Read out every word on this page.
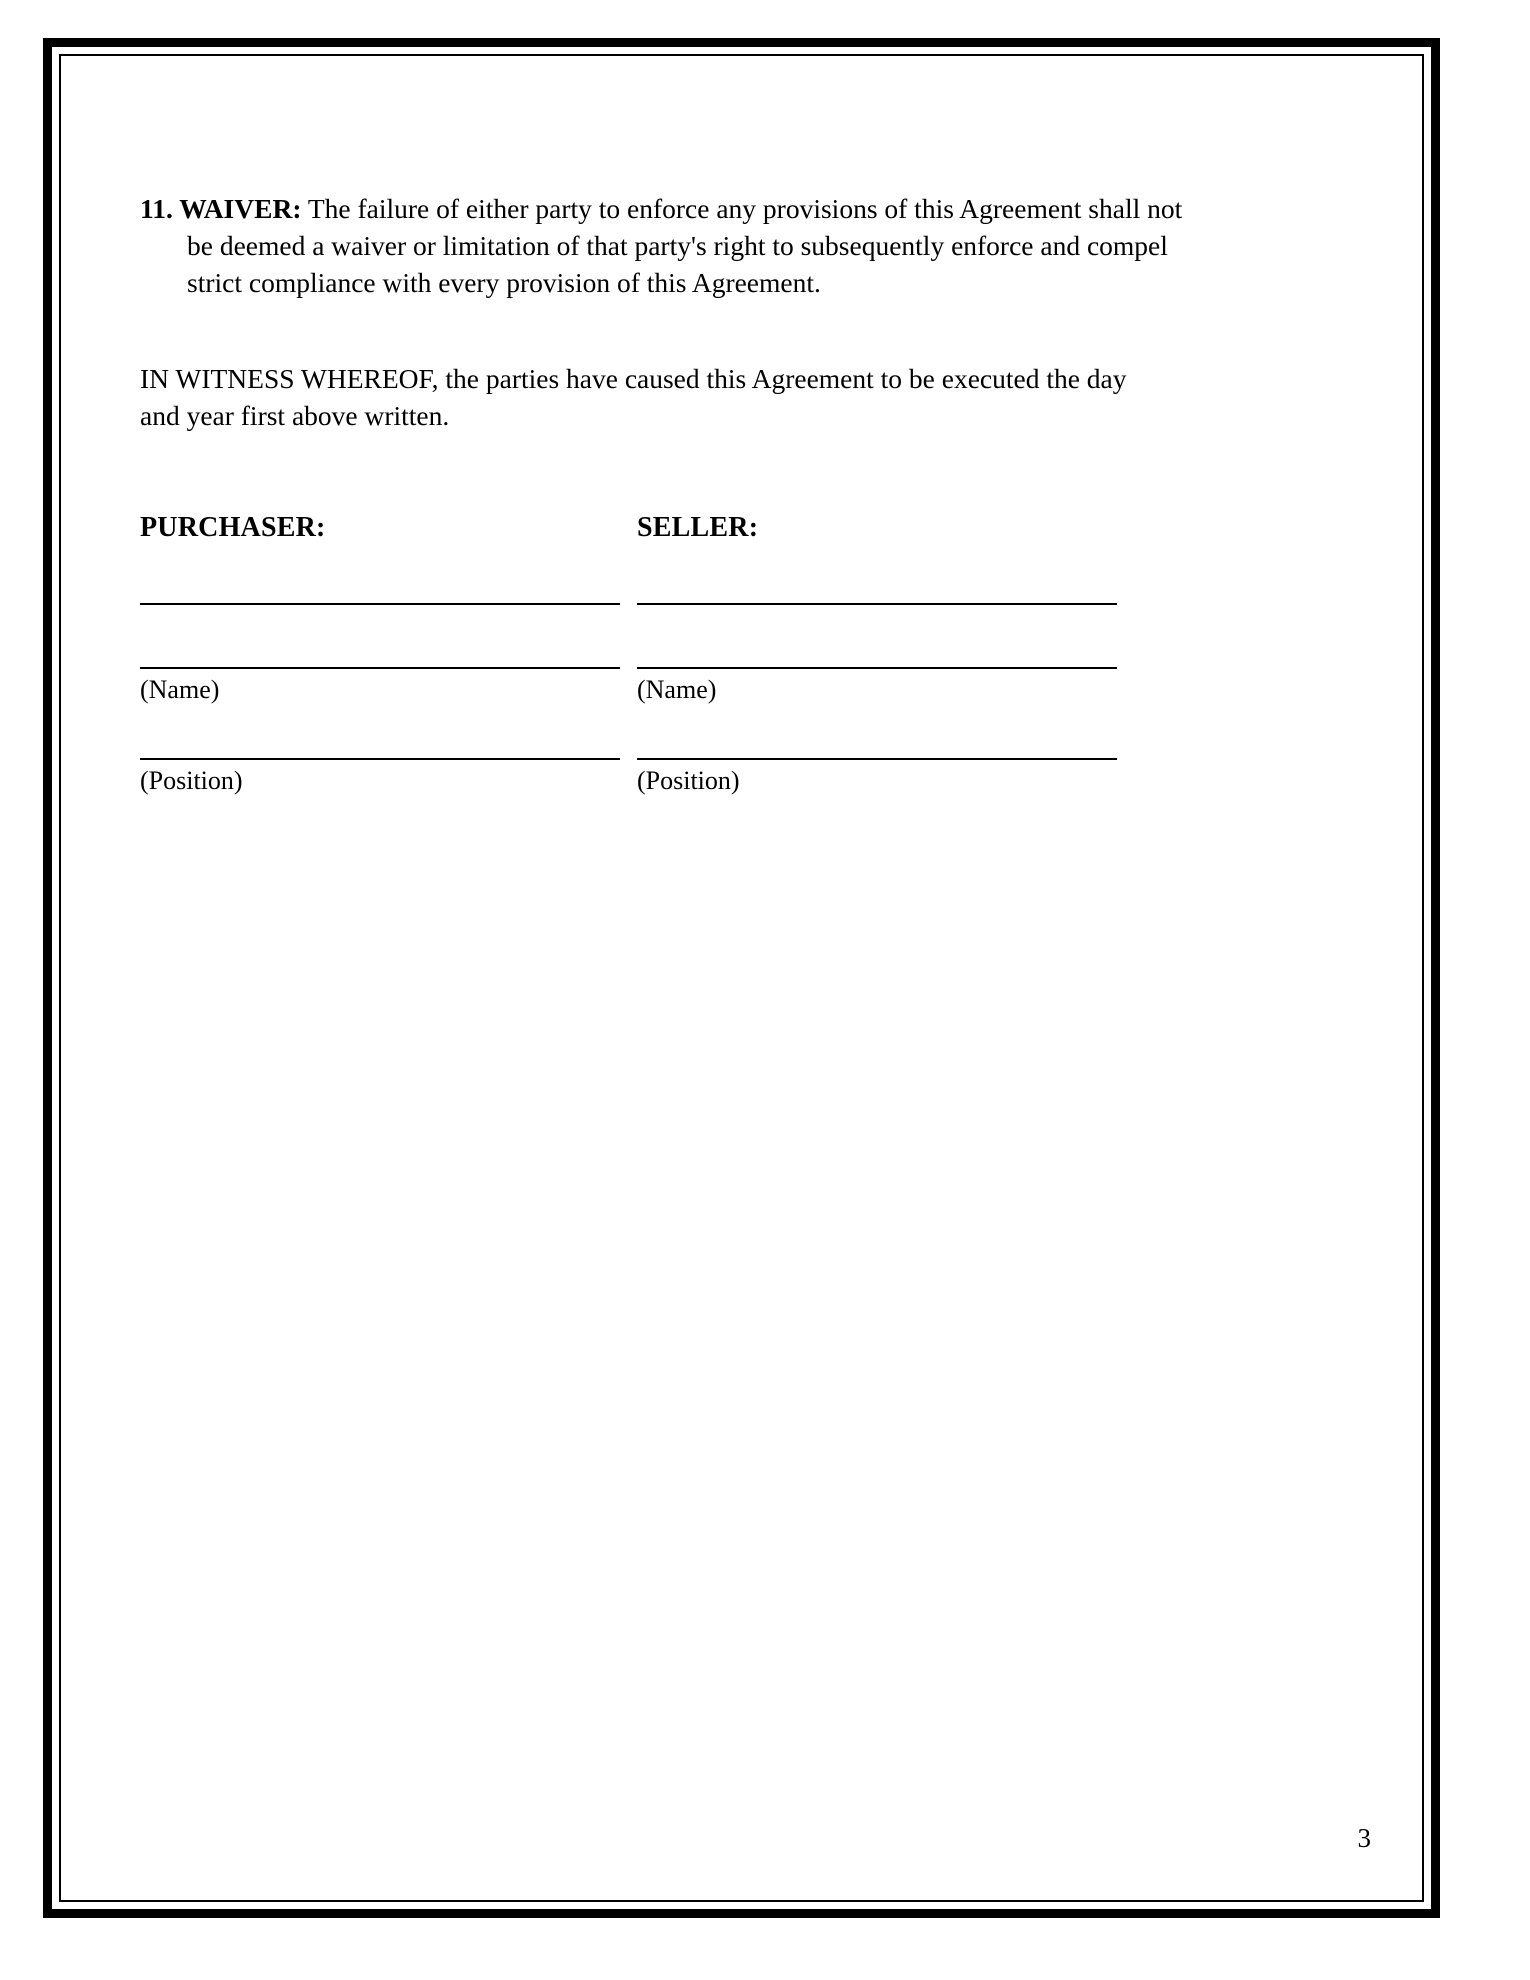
11. WAIVER: The failure of either party to enforce any provisions of this Agreement shall not be deemed a waiver or limitation of that party's right to subsequently enforce and compel strict compliance with every provision of this Agreement.

IN WITNESS WHEREOF, the parties have caused this Agreement to be executed the day and year first above written.

PURCHASER:
(Name)
(Position)
SELLER:
(Name)
(Position)
3
